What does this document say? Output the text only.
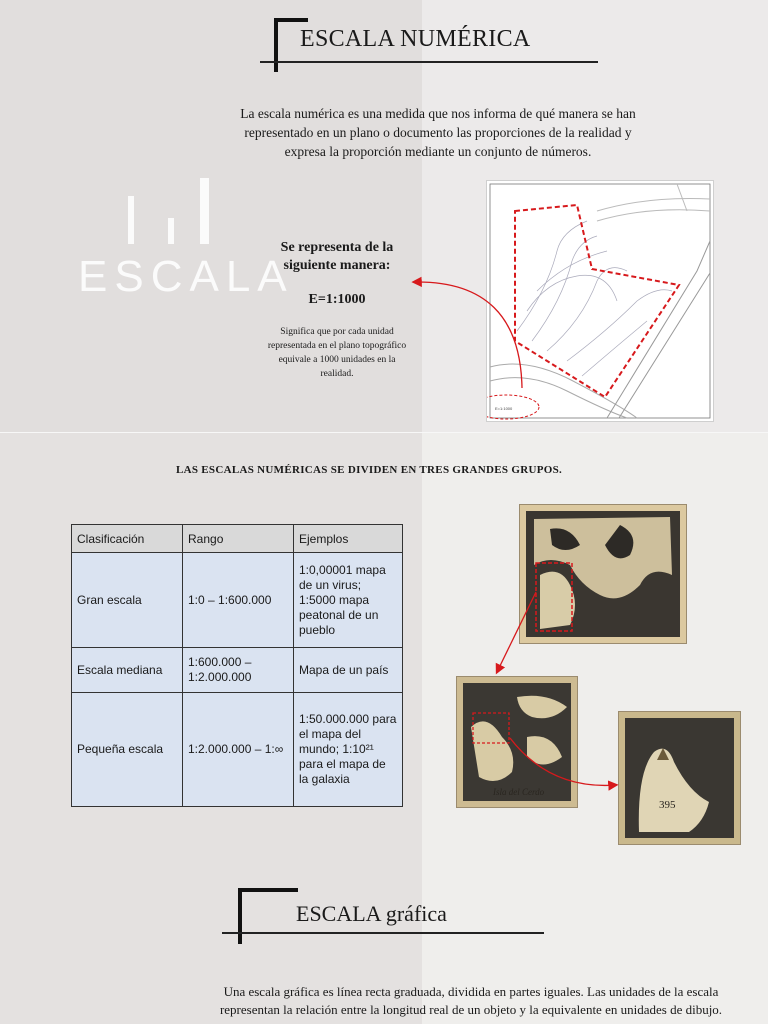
ESCALA NUMÉRICA
La escala numérica es una medida que nos informa de qué manera se han representado en un plano o documento las proporciones de la realidad y expresa la proporción mediante un conjunto de números.
ESCALA
Se representa de la siguiente manera:
E=1:1000
Significa que por cada unidad representada en el plano topográfico equivale a 1000 unidades en la realidad.
E=1:1000
LAS ESCALAS NUMÉRICAS SE DIVIDEN EN TRES GRANDES GRUPOS.
Clasificación	Rango	Ejemplos
Gran escala	1:0 – 1:600.000	1:0,00001 mapa de un virus; 1:5000 mapa peatonal de un pueblo
Escala mediana	1:600.000 – 1:2.000.000	Mapa de un país
Pequeña escala	1:2.000.000 – 1:∞	1:50.000.000 para el mapa del mundo; 1:10²¹ para el mapa de la galaxia
Isla del Cerdo
395
ESCALA gráfica
Una escala gráfica es línea recta graduada, dividida en partes iguales. Las unidades de la escala representan la relación entre la longitud real de un objeto y la equivalente en unidades de dibujo.
